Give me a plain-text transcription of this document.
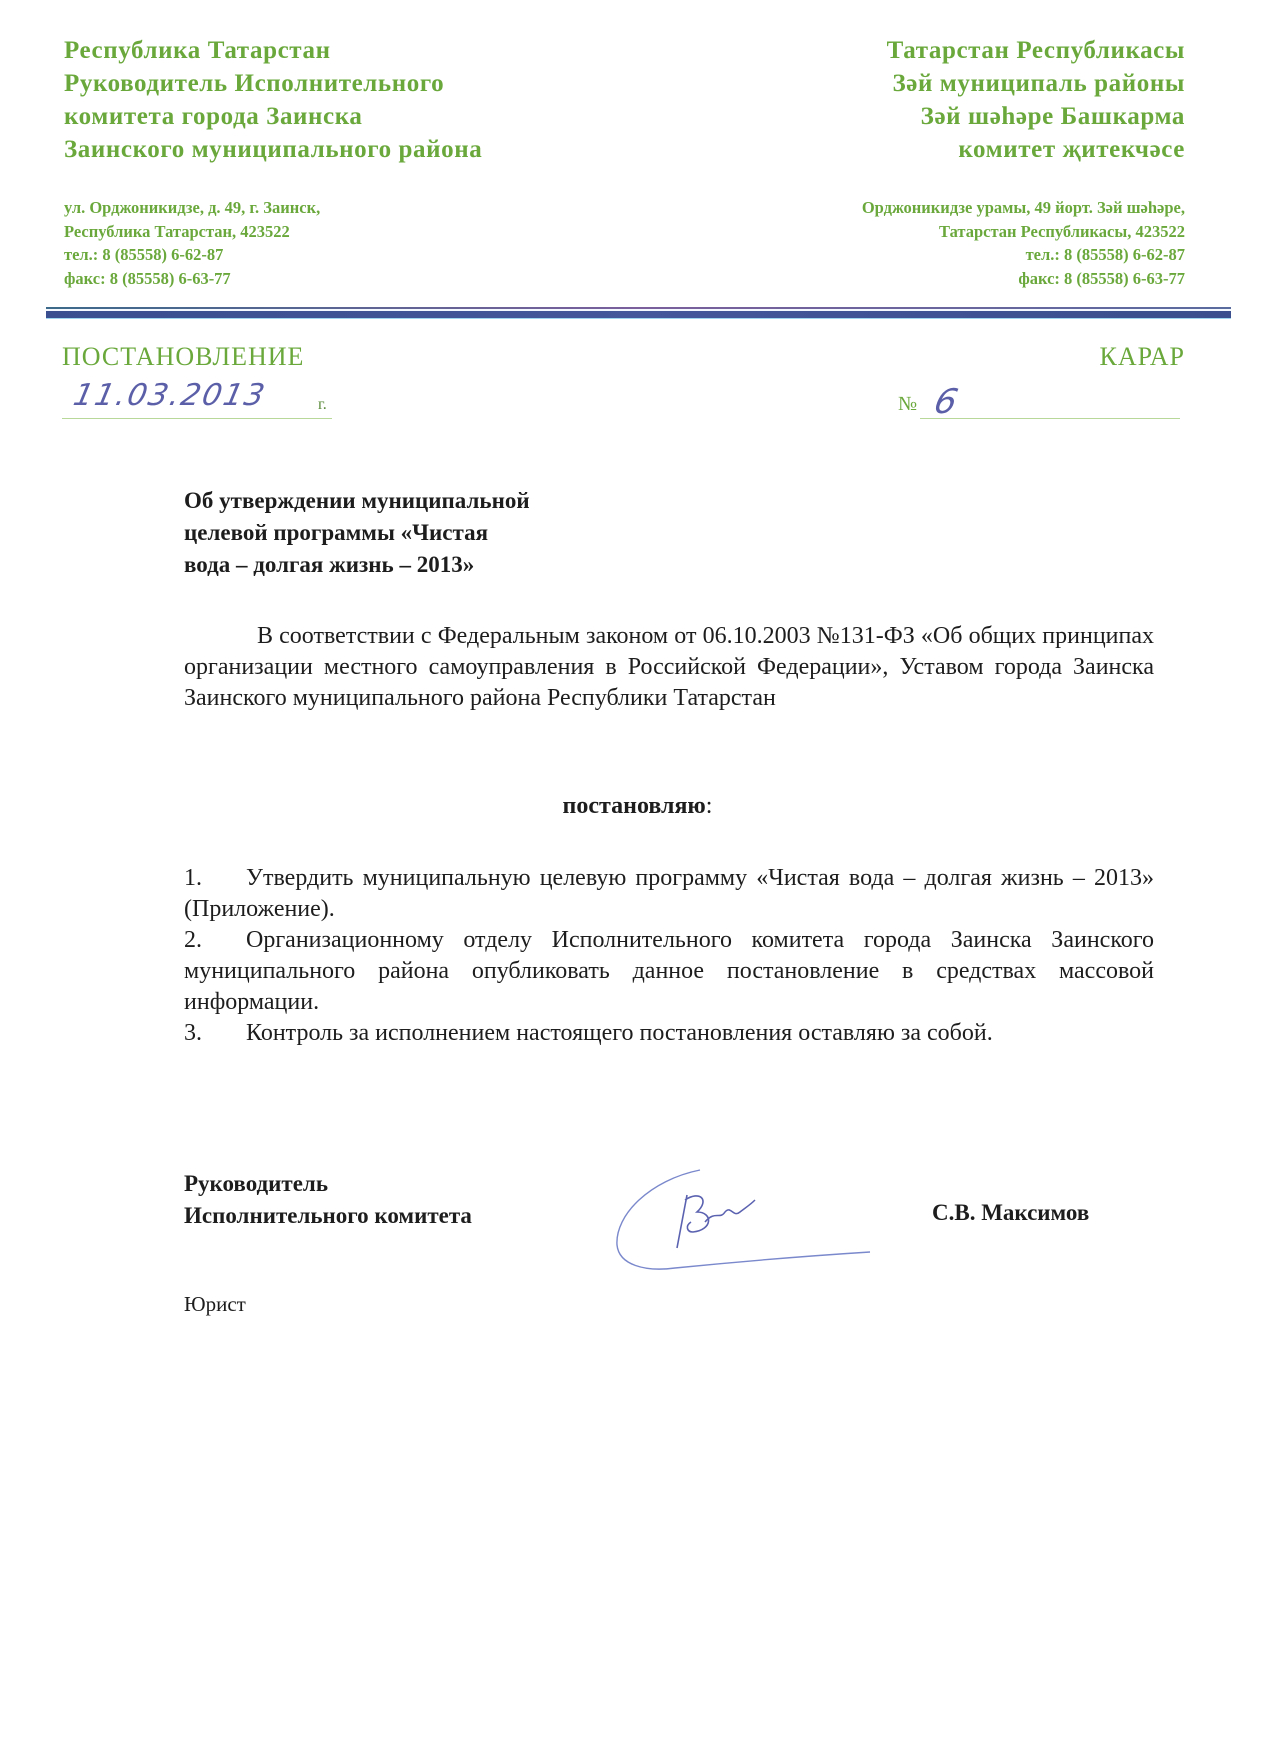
Республика Татарстан
Руководитель Исполнительного
комитета города Заинска
Заинского муниципального района
Татарстан Республикасы
Зәй муниципаль районы
Зәй шәһәре Башкарма
комитет җитекчәсе
ул. Орджоникидзе, д. 49, г. Заинск,
Республика Татарстан, 423522
тел.: 8 (85558) 6-62-87
факс: 8 (85558) 6-63-77
Орджоникидзе урамы, 49 йорт. Зәй шәһәре,
Татарстан Республикасы, 423522
тел.: 8 (85558) 6-62-87
факс: 8 (85558) 6-63-77
ПОСТАНОВЛЕНИЕ	КАРАР
11.03.2013	г.	№ 6
Об утверждении муниципальной
целевой программы «Чистая
вода – долгая жизнь – 2013»
В соответствии с Федеральным законом от 06.10.2003 №131-ФЗ «Об общих принципах организации местного самоуправления в Российской Федерации», Уставом города Заинска Заинского муниципального района Республики Татарстан
постановляю:
1. Утвердить муниципальную целевую программу «Чистая вода – долгая жизнь – 2013» (Приложение).
2. Организационному отделу Исполнительного комитета города Заинска Заинского муниципального района опубликовать данное постановление в средствах массовой информации.
3. Контроль за исполнением настоящего постановления оставляю за собой.
Руководитель
Исполнительного комитета	С.В. Максимов
Юрист
